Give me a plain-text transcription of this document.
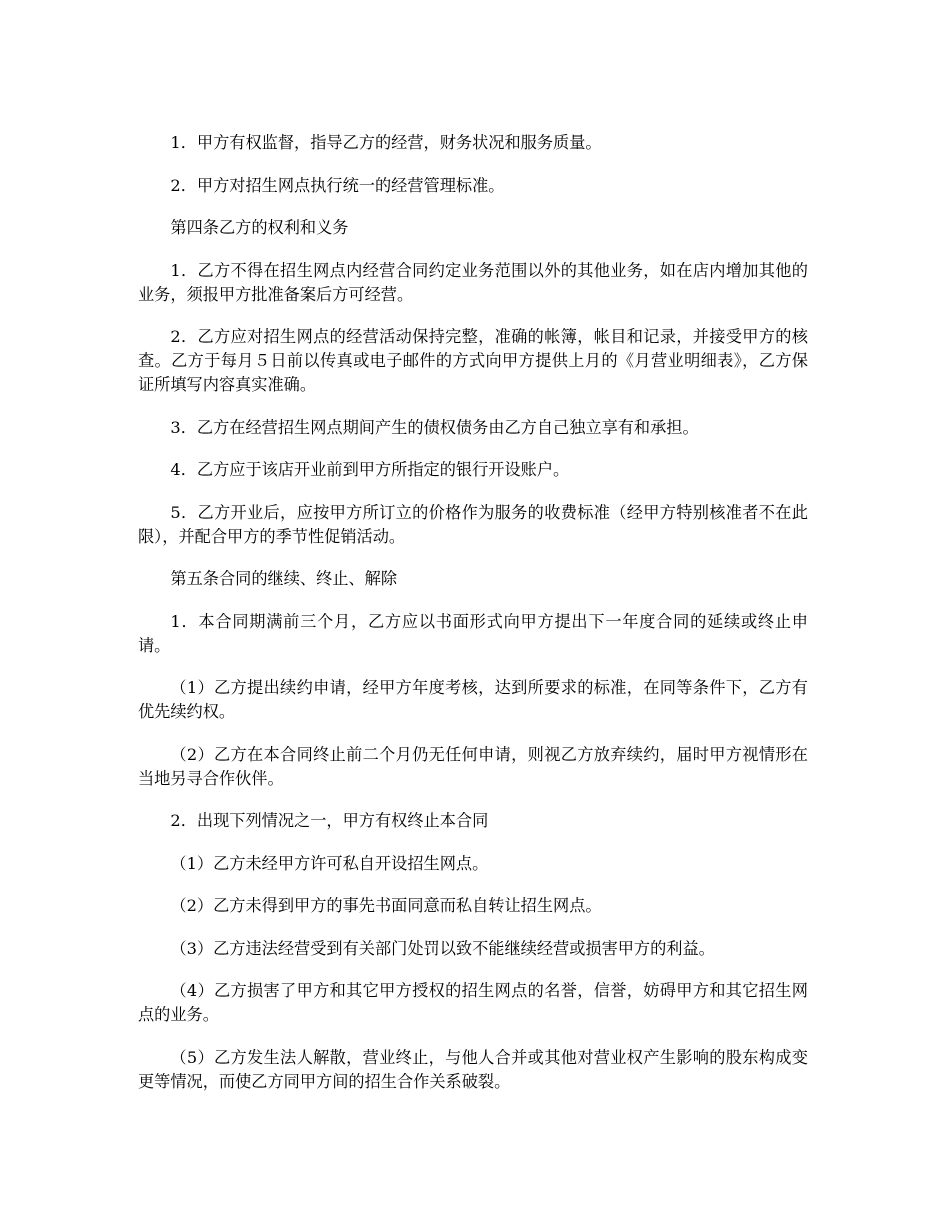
1．甲方有权监督，指导乙方的经营，财务状况和服务质量。

2．甲方对招生网点执行统一的经营管理标准。

第四条乙方的权利和义务

1．乙方不得在招生网点内经营合同约定业务范围以外的其他业务，如在店内增加其他的业务，须报甲方批准备案后方可经营。

2．乙方应对招生网点的经营活动保持完整，准确的帐簿，帐目和记录，并接受甲方的核查。乙方于每月５日前以传真或电子邮件的方式向甲方提供上月的《月营业明细表》，乙方保证所填写内容真实准确。

3．乙方在经营招生网点期间产生的债权债务由乙方自己独立享有和承担。

4．乙方应于该店开业前到甲方所指定的银行开设账户。

5．乙方开业后，应按甲方所订立的价格作为服务的收费标准（经甲方特别核准者不在此限），并配合甲方的季节性促销活动。

第五条合同的继续、终止、解除

1．本合同期满前三个月，乙方应以书面形式向甲方提出下一年度合同的延续或终止申请。

（1）乙方提出续约申请，经甲方年度考核，达到所要求的标准，在同等条件下，乙方有优先续约权。

（2）乙方在本合同终止前二个月仍无任何申请，则视乙方放弃续约，届时甲方视情形在当地另寻合作伙伴。

2．出现下列情况之一，甲方有权终止本合同

（1）乙方未经甲方许可私自开设招生网点。

（2）乙方未得到甲方的事先书面同意而私自转让招生网点。

（3）乙方违法经营受到有关部门处罚以致不能继续经营或损害甲方的利益。

（4）乙方损害了甲方和其它甲方授权的招生网点的名誉，信誉，妨碍甲方和其它招生网点的业务。

（5）乙方发生法人解散，营业终止，与他人合并或其他对营业权产生影响的股东构成变更等情况，而使乙方同甲方间的招生合作关系破裂。
